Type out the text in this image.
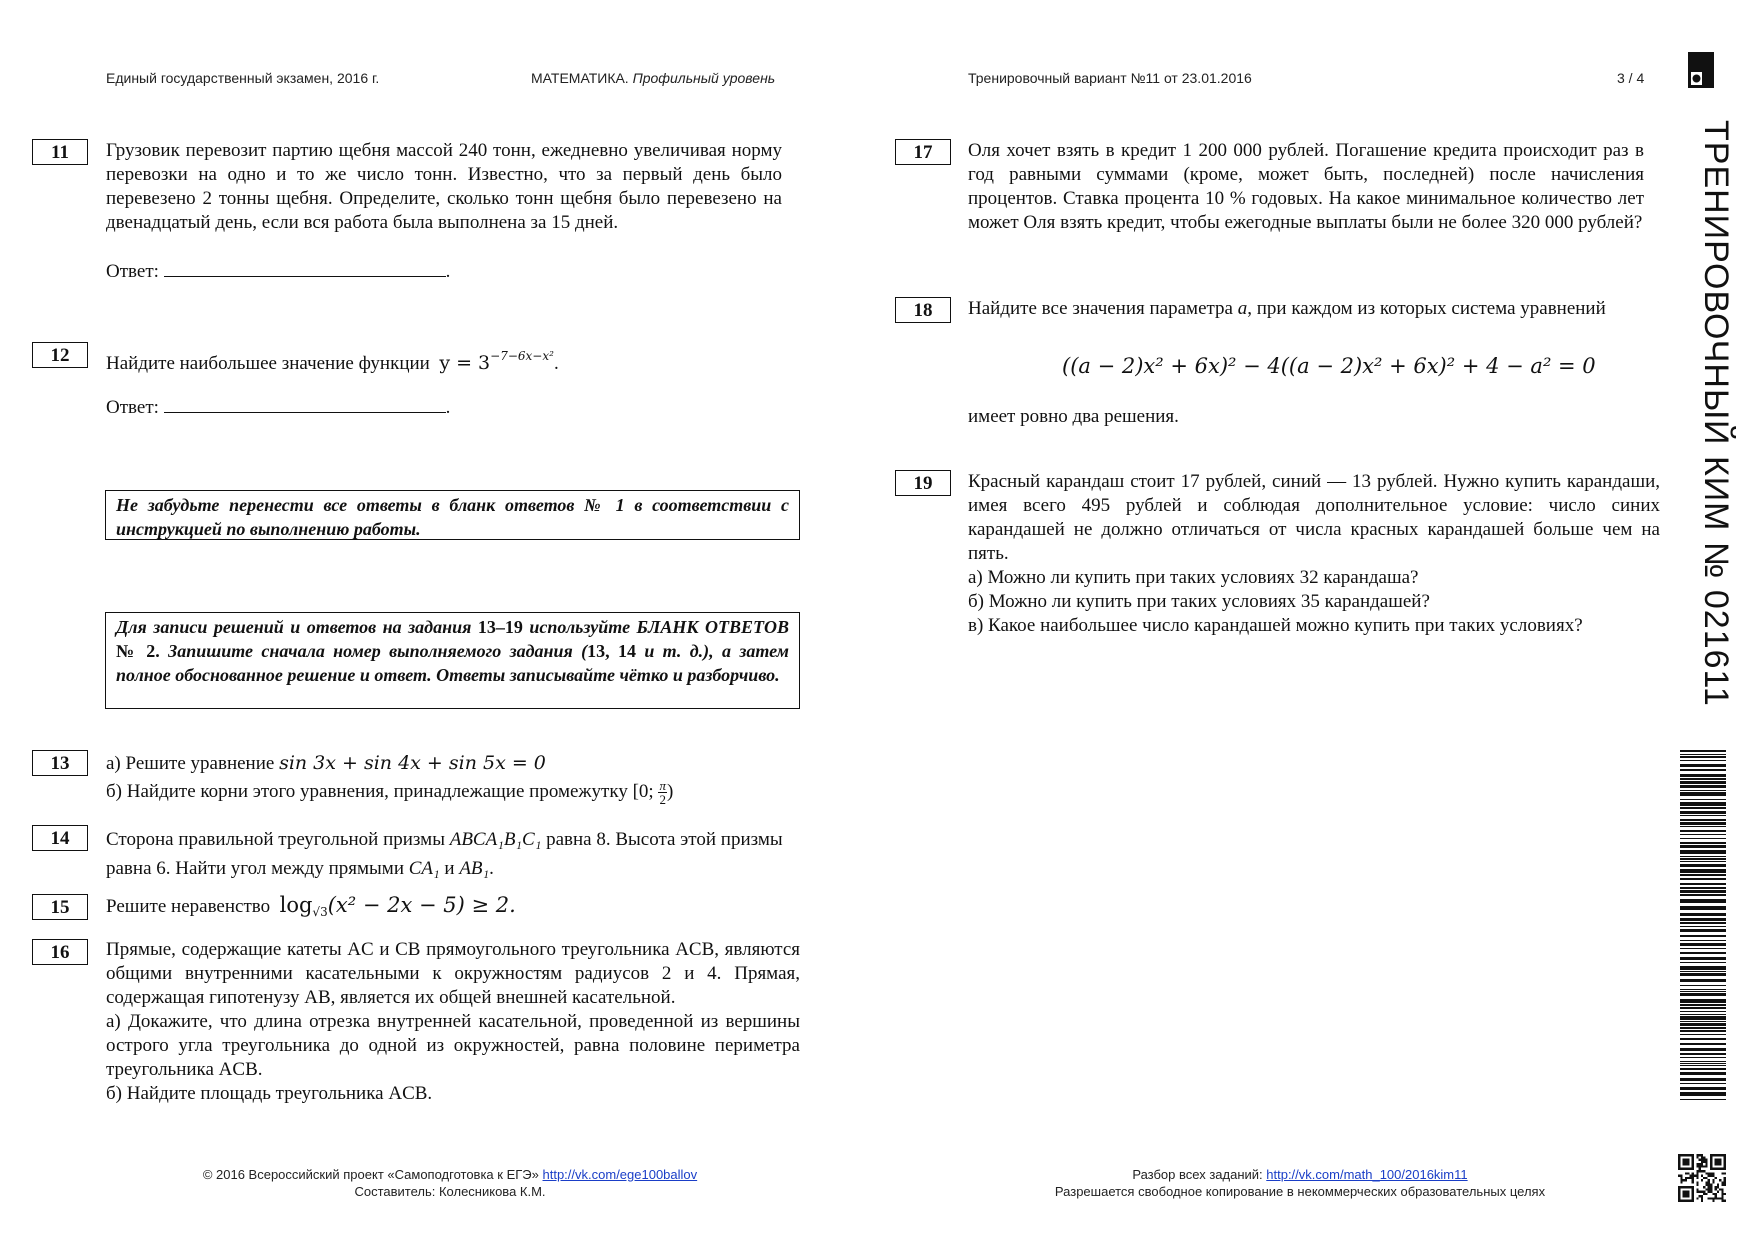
Единый государственный экзамен, 2016 г.	МАТЕМАТИКА. Профильный уровень	Тренировочный вариант №11 от 23.01.2016	3 / 4
ТРЕНИРОВОЧНЫЙ КИМ № 021611
11	Грузовик перевозит партию щебня массой 240 тонн, ежедневно увеличивая норму перевозки на одно и то же число тонн. Известно, что за первый день было перевезено 2 тонны щебня. Определите, сколько тонн щебня было перевезено на двенадцатый день, если вся работа была выполнена за 15 дней.
Ответ:	.
12	Найдите наибольшее значение функции $y = 3^{-7-6x-x^2}$.
Ответ:	.
Не забудьте перенести все ответы в бланк ответов № 1 в соответствии с инструкцией по выполнению работы.
Для записи решений и ответов на задания 13–19 используйте БЛАНК ОТВЕТОВ № 2. Запишите сначала номер выполняемого задания (13, 14 и т. д.), а затем полное обоснованное решение и ответ. Ответы записывайте чётко и разборчиво.
13	а) Решите уравнение sin 3x + sin 4x + sin 5x = 0

б) Найдите корни этого уравнения, принадлежащие промежутку [0; $\frac{\pi}{2}$ )

14	Сторона правильной треугольной призмы ABCA₁B₁C₁ равна 8. Высота этой призмы равна 6. Найти угол между прямыми CA₁ и AB₁.
15	Решите неравенство $\log_{√3}(x^2 - 2x - 5) \ge 2$.
16	Прямые, содержащие катеты AC и CB прямоугольного треугольника ACB, являются общими внутренними касательными к окружностям радиусов 2 и 4. Прямая, содержащая гипотенузу AB, является их общей внешней касательной.

а) Докажите, что длина отрезка внутренней касательной, проведенной из вершины острого угла треугольника до одной из окружностей, равна половине периметра треугольника ACB.

б) Найдите площадь треугольника ACB.

17	Оля хочет взять в кредит 1 200 000 рублей. Погашение кредита происходит раз в год равными суммами (кроме, может быть, последней) после начисления процентов. Ставка процента 10 % годовых. На какое минимальное количество лет может Оля взять кредит, чтобы ежегодные выплаты были не более 320 000 рублей?
18	Найдите все значения параметра a, при каждом из которых система уравнений
((a − 2)x² + 6x)² − 4((a − 2)x² + 6x)² + 4 − a² = 0
имеет ровно два решения.
19	Красный карандаш стоит 17 рублей, синий — 13 рублей. Нужно купить карандаши, имея всего 495 рублей и соблюдая дополнительное условие: число синих карандашей не должно отличаться от числа красных карандашей больше чем на пять.

а) Можно ли купить при таких условиях 32 карандаша?

б) Можно ли купить при таких условиях 35 карандашей?

в) Какое наибольшее число карандашей можно купить при таких условиях?

© 2016 Всероссийский проект «Самоподготовка к ЕГЭ» http://vk.com/ege100ballov
Составитель: Колесникова К.М.
Разбор всех заданий: http://vk.com/math_100/2016kim11
Разрешается свободное копирование в некоммерческих образовательных целях
